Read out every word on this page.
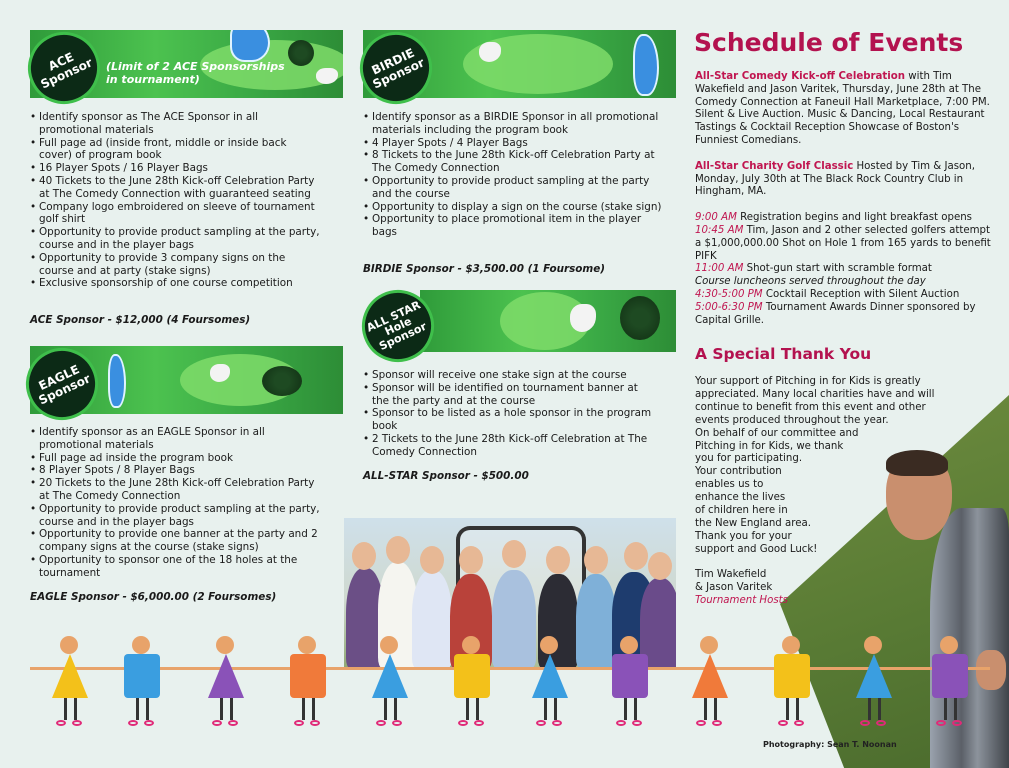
ACE Sponsor	(Limit of 2 ACE Sponsorships in tournament)
• Identify sponsor as The ACE Sponsor in all promotional materials
• Full page ad (inside front, middle or inside back cover) of program book
• 16 Player Spots / 16 Player Bags
• 40 Tickets to the June 28th Kick-off Celebration Party at The Comedy Connection with guaranteed seating
• Company logo embroidered on sleeve of tournament golf shirt
• Opportunity to provide product sampling at the party, course and in the player bags
• Opportunity to provide 3 company signs on the course and at party (stake signs)
• Exclusive sponsorship of one course competition
ACE Sponsor - $12,000 (4 Foursomes)
EAGLE Sponsor
• Identify sponsor as an EAGLE Sponsor in all promotional materials
• Full page ad inside the program book
• 8 Player Spots / 8 Player Bags
• 20 Tickets to the June 28th Kick-off Celebration Party at The Comedy Connection
• Opportunity to provide product sampling at the party, course and in the player bags
• Opportunity to provide one banner at the party and 2 company signs at the course (stake signs)
• Opportunity to sponsor one of the 18 holes at the tournament
EAGLE Sponsor - $6,000.00 (2 Foursomes)
BIRDIE Sponsor
• Identify sponsor as a BIRDIE Sponsor in all promotional materials including the program book
• 4 Player Spots / 4 Player Bags
• 8 Tickets to the June 28th Kick-off Celebration Party at The Comedy Connection
• Opportunity to provide product sampling at the party and the course
• Opportunity to display a sign on the course (stake sign)
• Opportunity to place promotional item in the player bags
BIRDIE Sponsor - $3,500.00 (1 Foursome)
ALL STAR Hole Sponsor
• Sponsor will receive one stake sign at the course
• Sponsor will be identified on tournament banner at the the party and at the course
• Sponsor to be listed as a hole sponsor in the program book
• 2 Tickets to the June 28th Kick-off Celebration at The Comedy Connection
ALL-STAR Sponsor - $500.00
Schedule of Events

All-Star Comedy Kick-off Celebration with Tim Wakefield and Jason Varitek, Thursday, June 28th at The Comedy Connection at Faneuil Hall Marketplace, 7:00 PM. Silent & Live Auction. Music & Dancing, Local Restaurant Tastings & Cocktail Reception Showcase of Boston's Funniest Comedians.

All-Star Charity Golf Classic Hosted by Tim & Jason, Monday, July 30th at The Black Rock Country Club in Hingham, MA.

9:00 AM Registration begins and light breakfast opens
10:45 AM Tim, Jason and 2 other selected golfers attempt a $1,000,000.00 Shot on Hole 1 from 165 yards to benefit PIFK
11:00 AM Shot-gun start with scramble format
Course luncheons served throughout the day
4:30-5:00 PM Cocktail Reception with Silent Auction
5:00-6:30 PM Tournament Awards Dinner sponsored by Capital Grille.
A Special Thank You
Your support of Pitching in for Kids is greatly
appreciated. Many local charities have and will
continue to benefit from this event and other
events produced throughout the year.
On behalf of our committee and
Pitching in for Kids, we thank
you for participating.
Your contribution
enables us to
enhance the lives
of children here in
the New England area.
Thank you for your
support and Good Luck!
Tim Wakefield
& Jason Varitek
Tournament Hosts
Photography: Sean T. Noonan
